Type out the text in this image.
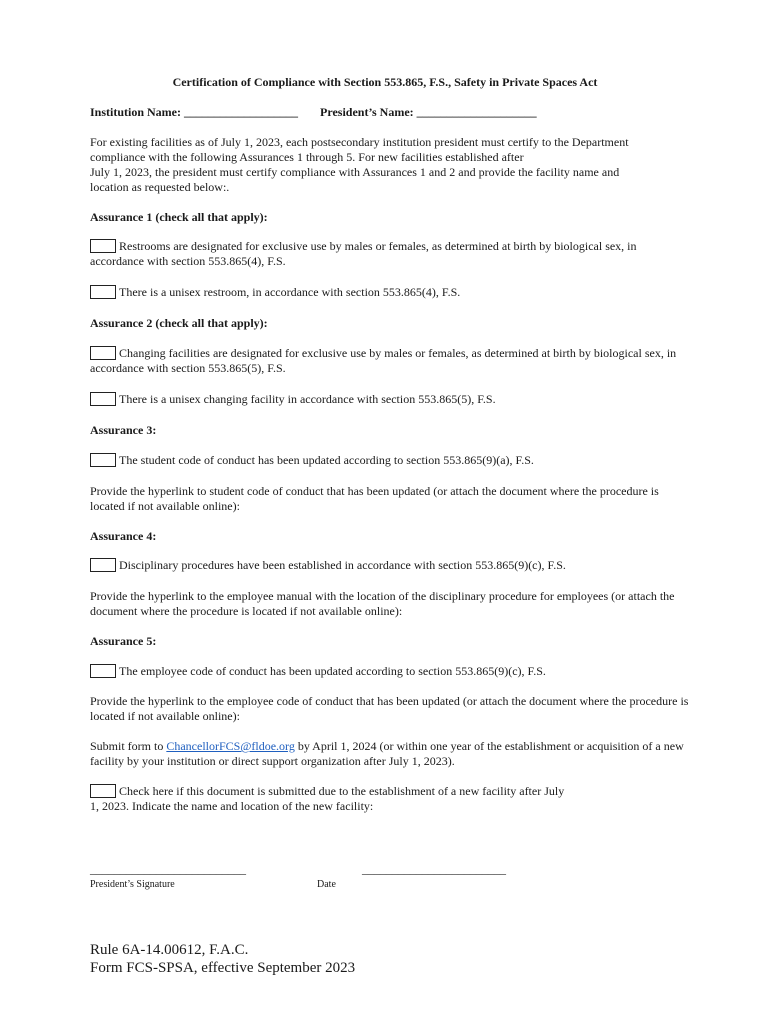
Certification of Compliance with Section 553.865, F.S., Safety in Private Spaces Act
Institution Name: ___________________ President’s Name: ____________________
For existing facilities as of July 1, 2023, each postsecondary institution president must certify to the Department
compliance with the following Assurances 1 through 5. For new facilities established after
July 1, 2023, the president must certify compliance with Assurances 1 and 2 and provide the facility name and
location as requested below:.
Assurance 1 (check all that apply):
Restrooms are designated for exclusive use by males or females, as determined at birth by biological sex, in accordance with section 553.865(4), F.S.
There is a unisex restroom, in accordance with section 553.865(4), F.S.
Assurance 2 (check all that apply):
Changing facilities are designated for exclusive use by males or females, as determined at birth by biological sex, in accordance with section 553.865(5), F.S.
There is a unisex changing facility in accordance with section 553.865(5), F.S.
Assurance 3:
The student code of conduct has been updated according to section 553.865(9)(a), F.S.
Provide the hyperlink to student code of conduct that has been updated (or attach the document where the procedure is located if not available online):
Assurance 4:
Disciplinary procedures have been established in accordance with section 553.865(9)(c), F.S.
Provide the hyperlink to the employee manual with the location of the disciplinary procedure for employees (or attach the document where the procedure is located if not available online):
Assurance 5:
The employee code of conduct has been updated according to section 553.865(9)(c), F.S.
Provide the hyperlink to the employee code of conduct that has been updated (or attach the document where the procedure is located if not available online):
Submit form to ChancellorFCS@fldoe.org by April 1, 2024 (or within one year of the establishment or acquisition of a new facility by your institution or direct support organization after July 1, 2023).
Check here if this document is submitted due to the establishment of a new facility after July 1, 2023. Indicate the name and location of the new facility:
__________________________	________________________
President’s Signature	Date
Rule 6A-14.00612, F.A.C.
Form FCS-SPSA, effective September 2023
